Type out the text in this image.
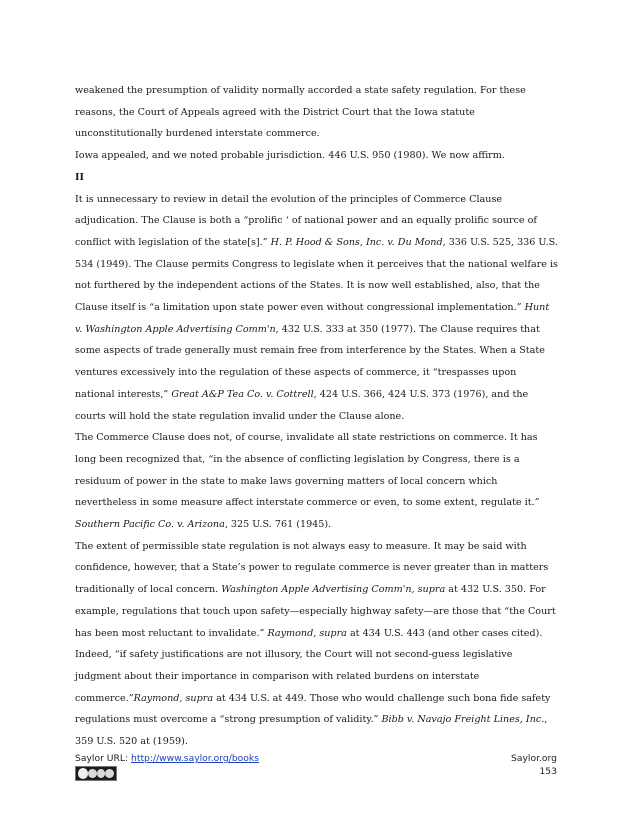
weakened the presumption of validity normally accorded a state safety regulation. For these reasons, the Court of Appeals agreed with the District Court that the Iowa statute unconstitutionally burdened interstate commerce.

Iowa appealed, and we noted probable jurisdiction. 446 U.S. 950 (1980). We now affirm.

II

It is unnecessary to review in detail the evolution of the principles of Commerce Clause adjudication. The Clause is both a “prolific ‘ of national power and an equally prolific source of conflict with legislation of the state[s].” H. P. Hood & Sons, Inc. v. Du Mond, 336 U.S. 525, 336 U.S. 534 (1949). The Clause permits Congress to legislate when it perceives that the national welfare is not furthered by the independent actions of the States. It is now well established, also, that the Clause itself is “a limitation upon state power even without congressional implementation.” Hunt v. Washington Apple Advertising Comm'n, 432 U.S. 333 at 350 (1977). The Clause requires that some aspects of trade generally must remain free from interference by the States. When a State ventures excessively into the regulation of these aspects of commerce, it “trespasses upon national interests,” Great A&P Tea Co. v. Cottrell, 424 U.S. 366, 424 U.S. 373 (1976), and the courts will hold the state regulation invalid under the Clause alone.

The Commerce Clause does not, of course, invalidate all state restrictions on commerce. It has long been recognized that, “in the absence of conflicting legislation by Congress, there is a residuum of power in the state to make laws governing matters of local concern which nevertheless in some measure affect interstate commerce or even, to some extent, regulate it.” Southern Pacific Co. v. Arizona, 325 U.S. 761 (1945).

The extent of permissible state regulation is not always easy to measure. It may be said with confidence, however, that a State’s power to regulate commerce is never greater than in matters traditionally of local concern. Washington Apple Advertising Comm'n, supra at 432 U.S. 350. For example, regulations that touch upon safety—especially highway safety—are those that “the Court has been most reluctant to invalidate.” Raymond, supra at 434 U.S. 443 (and other cases cited). Indeed, “if safety justifications are not illusory, the Court will not second-guess legislative judgment about their importance in comparison with related burdens on interstate commerce.”Raymond, supra at 434 U.S. at 449. Those who would challenge such bona fide safety regulations must overcome a “strong presumption of validity.” Bibb v. Navajo Freight Lines, Inc., 359 U.S. 520 at (1959).

Saylor URL: http://www.saylor.org/books	Saylor.org
153
